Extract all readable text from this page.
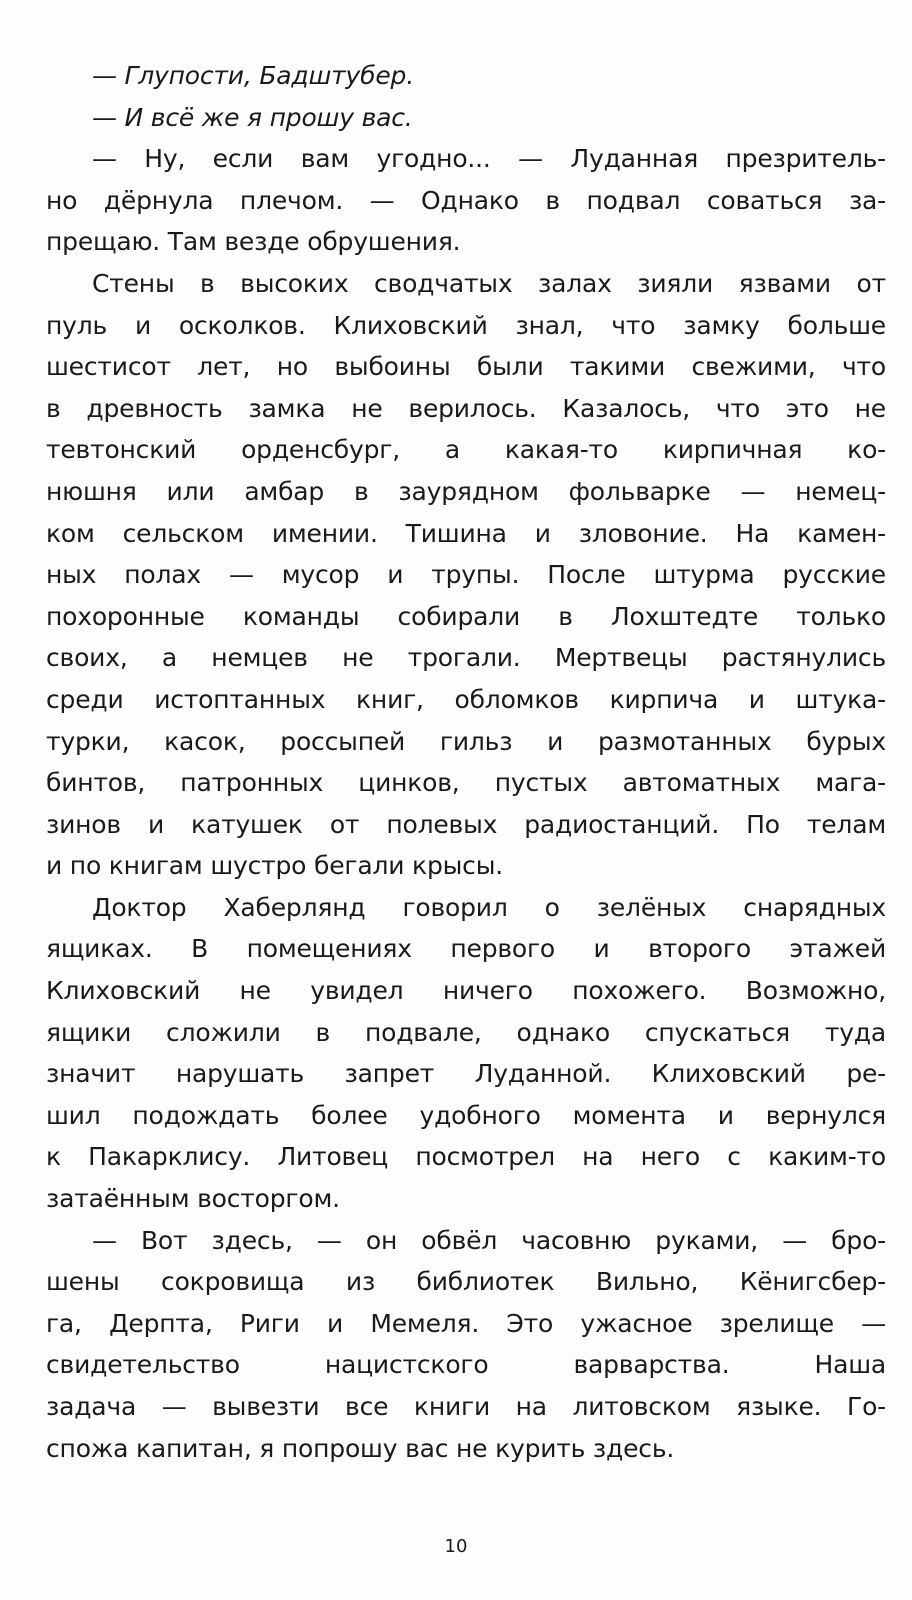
— Глупости, Бадштубер.
— И всё же я прошу вас.
— Ну, если вам угодно... — Луданная презритель-
но дёрнула плечом. — Однако в подвал соваться за-
прещаю. Там везде обрушения.
Стены в высоких сводчатых залах зияли язвами от
пуль и осколков. Клиховский знал, что замку больше
шестисот лет, но выбоины были такими свежими, что
в древность замка не верилось. Казалось, что это не
тевтонский орденсбург, а какая-то кирпичная ко-
нюшня или амбар в заурядном фольварке — немец-
ком сельском имении. Тишина и зловоние. На камен-
ных полах — мусор и трупы. После штурма русские
похоронные команды собирали в Лохштедте только
своих, а немцев не трогали. Мертвецы растянулись
среди истоптанных книг, обломков кирпича и штука-
турки, касок, россыпей гильз и размотанных бурых
бинтов, патронных цинков, пустых автоматных мага-
зинов и катушек от полевых радиостанций. По телам
и по книгам шустро бегали крысы.
Доктор Хаберлянд говорил о зелёных снарядных
ящиках. В помещениях первого и второго этажей
Клиховский не увидел ничего похожего. Возможно,
ящики сложили в подвале, однако спускаться туда
значит нарушать запрет Луданной. Клиховский ре-
шил подождать более удобного момента и вернулся
к Пакарклису. Литовец посмотрел на него с каким-то
затаённым восторгом.
— Вот здесь, — он обвёл часовню руками, — бро-
шены сокровища из библиотек Вильно, Кёнигсбер-
га, Дерпта, Риги и Мемеля. Это ужасное зрелище —
свидетельство нацистского варварства. Наша
задача — вывезти все книги на литовском языке. Го-
спожа капитан, я попрошу вас не курить здесь.
10
